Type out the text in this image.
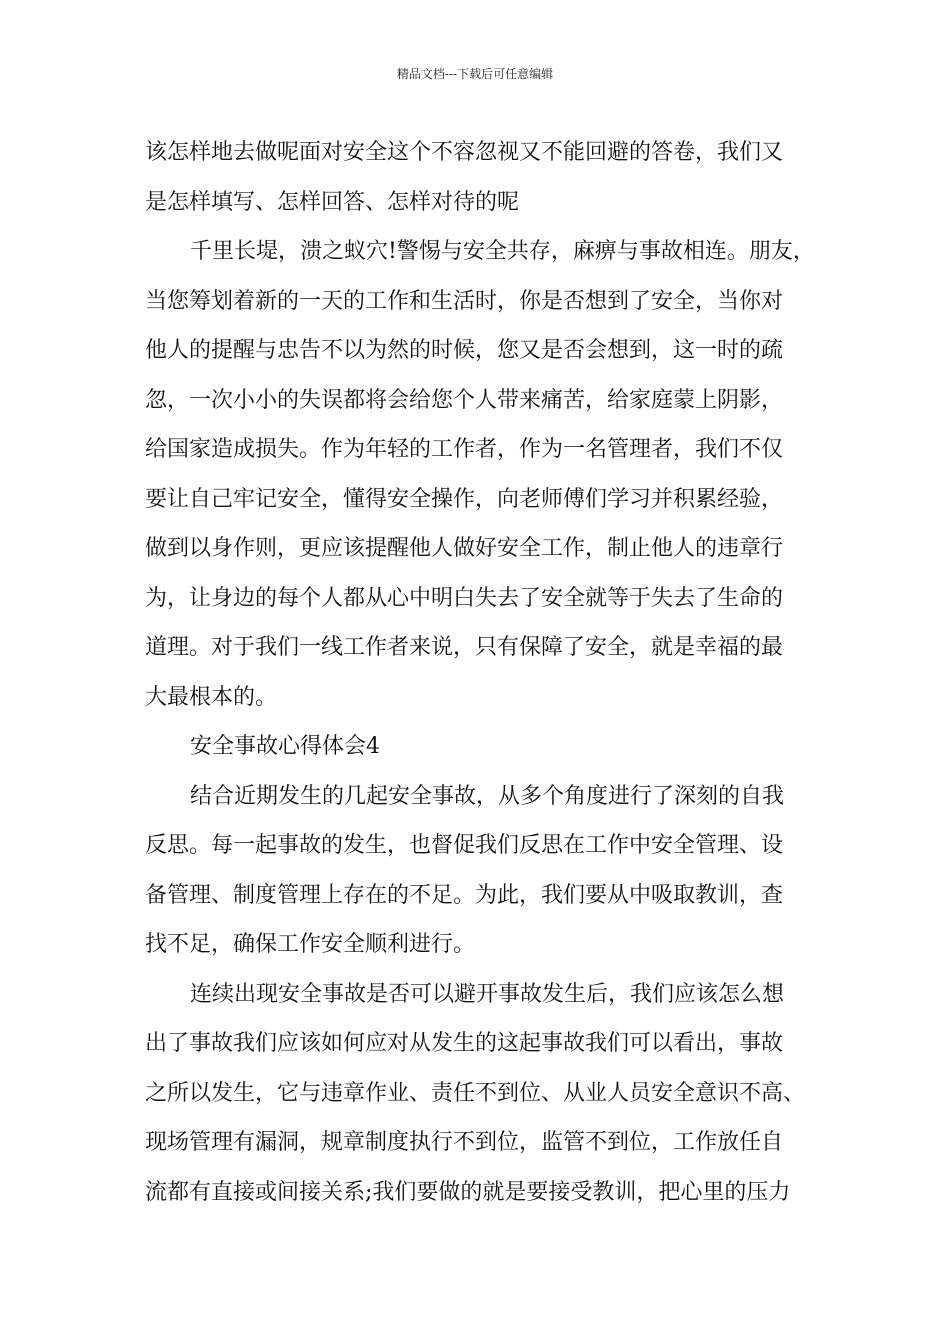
精品文档---下载后可任意编辑
该怎样地去做呢面对安全这个不容忽视又不能回避的答卷，我们又
是怎样填写、怎样回答、怎样对待的呢
千里长堤，溃之蚁穴!警惕与安全共存，麻痹与事故相连。朋友，
当您筹划着新的一天的工作和生活时，你是否想到了安全，当你对
他人的提醒与忠告不以为然的时候，您又是否会想到，这一时的疏
忽，一次小小的失误都将会给您个人带来痛苦，给家庭蒙上阴影，
给国家造成损失。作为年轻的工作者，作为一名管理者，我们不仅
要让自己牢记安全，懂得安全操作，向老师傅们学习并积累经验，
做到以身作则，更应该提醒他人做好安全工作，制止他人的违章行
为，让身边的每个人都从心中明白失去了安全就等于失去了生命的
道理。对于我们一线工作者来说，只有保障了安全，就是幸福的最
大最根本的。
安全事故心得体会4
结合近期发生的几起安全事故，从多个角度进行了深刻的自我
反思。每一起事故的发生，也督促我们反思在工作中安全管理、设
备管理、制度管理上存在的不足。为此，我们要从中吸取教训，查
找不足，确保工作安全顺利进行。
连续出现安全事故是否可以避开事故发生后，我们应该怎么想
出了事故我们应该如何应对从发生的这起事故我们可以看出，事故
之所以发生，它与违章作业、责任不到位、从业人员安全意识不高、
现场管理有漏洞，规章制度执行不到位，监管不到位，工作放任自
流都有直接或间接关系;我们要做的就是要接受教训，把心里的压力
